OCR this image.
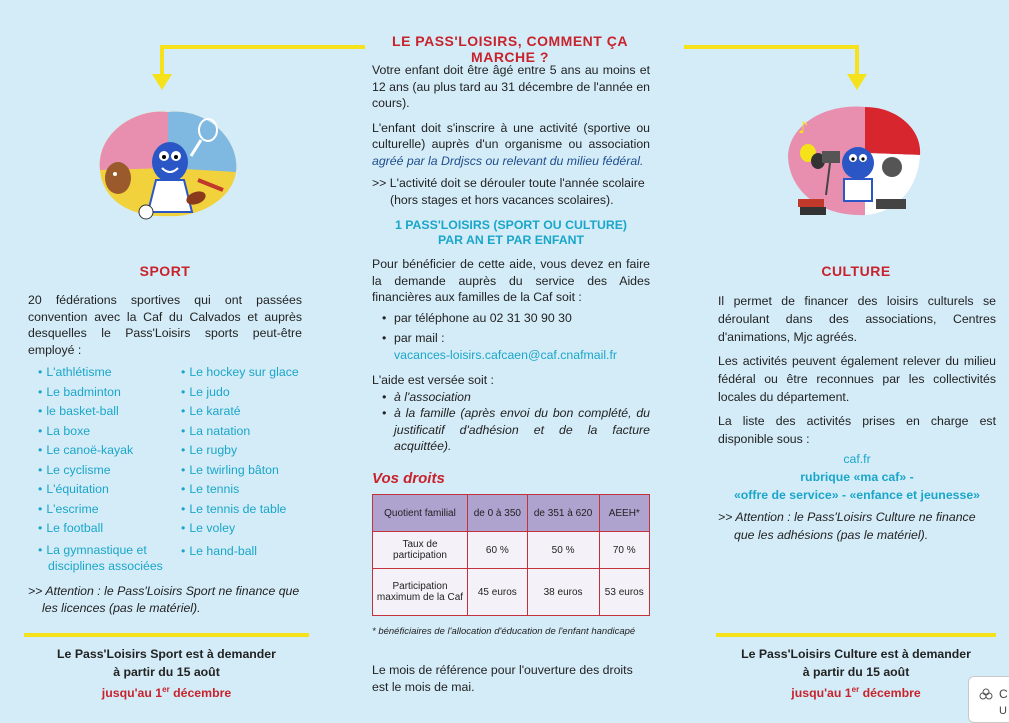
♪
LE PASS'LOISIRS, COMMENT ÇA MARCHE ?
Votre enfant doit être âgé entre 5 ans au moins et 12 ans (au plus tard au 31 décembre de l'année en cours).
L'enfant doit s'inscrire à une activité (sportive ou culturelle) auprès d'un organisme ou association agréé par la Drdjscs ou relevant du milieu fédéral.
>> L'activité doit se dérouler toute l'année scolaire (hors stages et hors vacances scolaires).
1 PASS'LOISIRS (SPORT OU CULTURE)
PAR AN ET PAR ENFANT
Pour bénéficier de cette aide, vous devez en faire la demande auprès du service des Aides financières aux familles de la Caf soit :
• par téléphone au 02 31 30 90 30
• par mail :
vacances-loisirs.cafcaen@caf.cnafmail.fr
L'aide est versée soit :
• à l'association
• à la famille (après envoi du bon complété, du justificatif d'adhésion et de la facture acquittée).
Vos droits
Quotient familial	de 0 à 350	de 351 à 620	AEEH*
Taux de participation	60 %	50 %	70 %
Participation maximum de la Caf	45 euros	38 euros	53 euros
* bénéficiaires de l'allocation d'éducation de l'enfant handicapé
Le mois de référence pour l'ouverture des droits est le mois de mai.
SPORT
20 fédérations sportives qui ont passées convention avec la Caf du Calvados et auprès desquelles le Pass'Loisirs sports peut-être employé :
• L'athlétisme
• Le badminton
• le basket-ball
• La boxe
• Le canoë-kayak
• Le cyclisme
• L'équitation
• L'escrime
• Le football
• La gymnastique et disciplines associées
• Le hockey sur glace
• Le judo
• Le karaté
• La natation
• Le rugby
• Le twirling bâton
• Le tennis
• Le tennis de table
• Le voley
• Le hand-ball
>> Attention : le Pass'Loisirs Sport ne finance que les licences (pas le matériel).
Le Pass'Loisirs Sport est à demander
à partir du 15 août
jusqu'au 1er décembre
CULTURE
Il permet de financer des loisirs culturels se déroulant dans des associations, Centres d'animations, Mjc agréés.
Les activités peuvent également relever du milieu fédéral ou être reconnues par les collectivités locales du département.
La liste des activités prises en charge est disponible sous :
caf.fr
rubrique «ma caf» -
«offre de service» - «enfance et jeunesse»
>> Attention : le Pass'Loisirs Culture ne finance que les adhésions (pas le matériel).
Le Pass'Loisirs Culture est à demander
à partir du 15 août
jusqu'au 1er décembre	C
U
